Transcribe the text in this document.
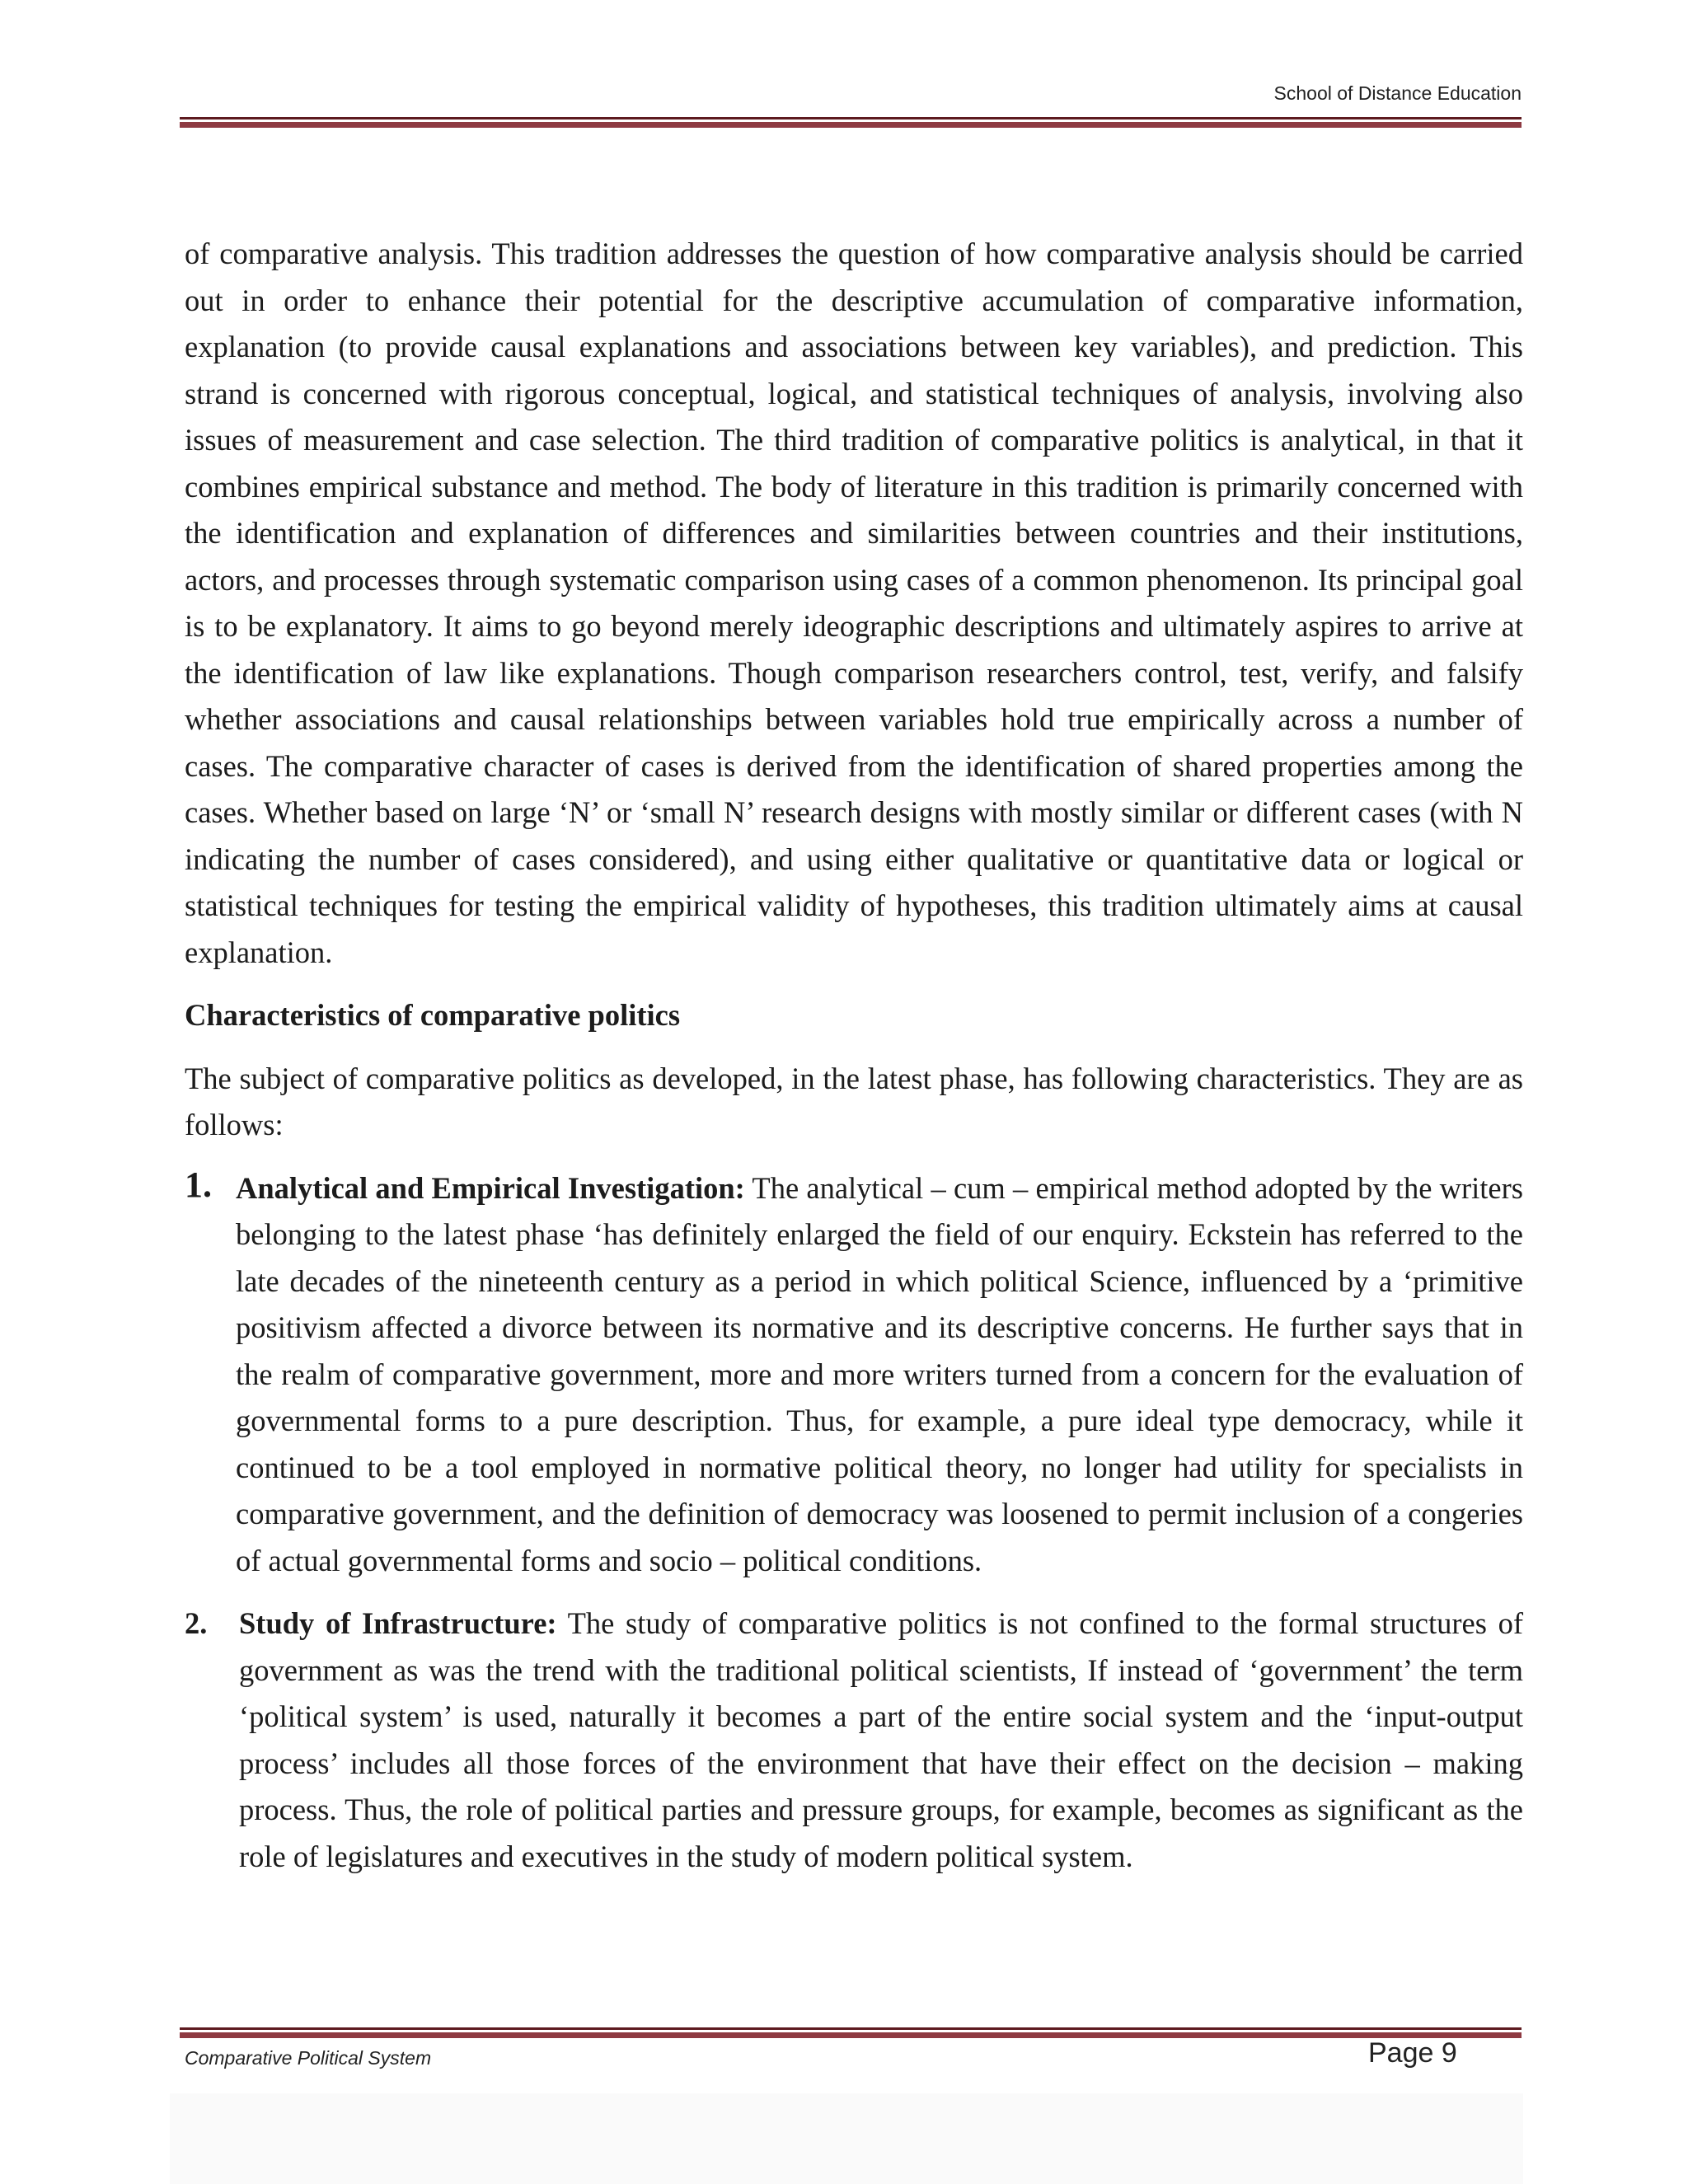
School of Distance Education

of comparative analysis. This tradition addresses the question of how comparative analysis should be carried out in order to enhance their potential for the descriptive accumulation of comparative information, explanation (to provide causal explanations and associations between key variables), and prediction. This strand is concerned with rigorous conceptual, logical, and statistical techniques of analysis, involving also issues of measurement and case selection. The third tradition of comparative politics is analytical, in that it combines empirical substance and method. The body of literature in this tradition is primarily concerned with the identification and explanation of differences and similarities between countries and their institutions, actors, and processes through systematic comparison using cases of a common phenomenon. Its principal goal is to be explanatory. It aims to go beyond merely ideographic descriptions and ultimately aspires to arrive at the identification of law like explanations. Though comparison researchers control, test, verify, and falsify whether associations and causal relationships between variables hold true empirically across a number of cases. The comparative character of cases is derived from the identification of shared properties among the cases. Whether based on large ‘N’ or ‘small N’ research designs with mostly similar or different cases (with N indicating the number of cases considered), and using either qualitative or quantitative data or logical or statistical techniques for testing the empirical validity of hypotheses, this tradition ultimately aims at causal explanation.

Characteristics of comparative politics

The subject of comparative politics as developed, in the latest phase, has following characteristics. They are as follows:

1. Analytical and Empirical Investigation: The analytical – cum – empirical method adopted by the writers belonging to the latest phase ‘has definitely enlarged the field of our enquiry. Eckstein has referred to the late decades of the nineteenth century as a period in which political Science, influenced by a ‘primitive positivism affected a divorce between its normative and its descriptive concerns. He further says that in the realm of comparative government, more and more writers turned from a concern for the evaluation of governmental forms to a pure description. Thus, for example, a pure ideal type democracy, while it continued to be a tool employed in normative political theory, no longer had utility for specialists in comparative government, and the definition of democracy was loosened to permit inclusion of a congeries of actual governmental forms and socio – political conditions.
2. Study of Infrastructure: The study of comparative politics is not confined to the formal structures of government as was the trend with the traditional political scientists, If instead of ‘government’ the term ‘political system’ is used, naturally it becomes a part of the entire social system and the ‘input-output process’ includes all those forces of the environment that have their effect on the decision – making process. Thus, the role of political parties and pressure groups, for example, becomes as significant as the role of legislatures and executives in the study of modern political system.
Comparative Political System	Page 9
